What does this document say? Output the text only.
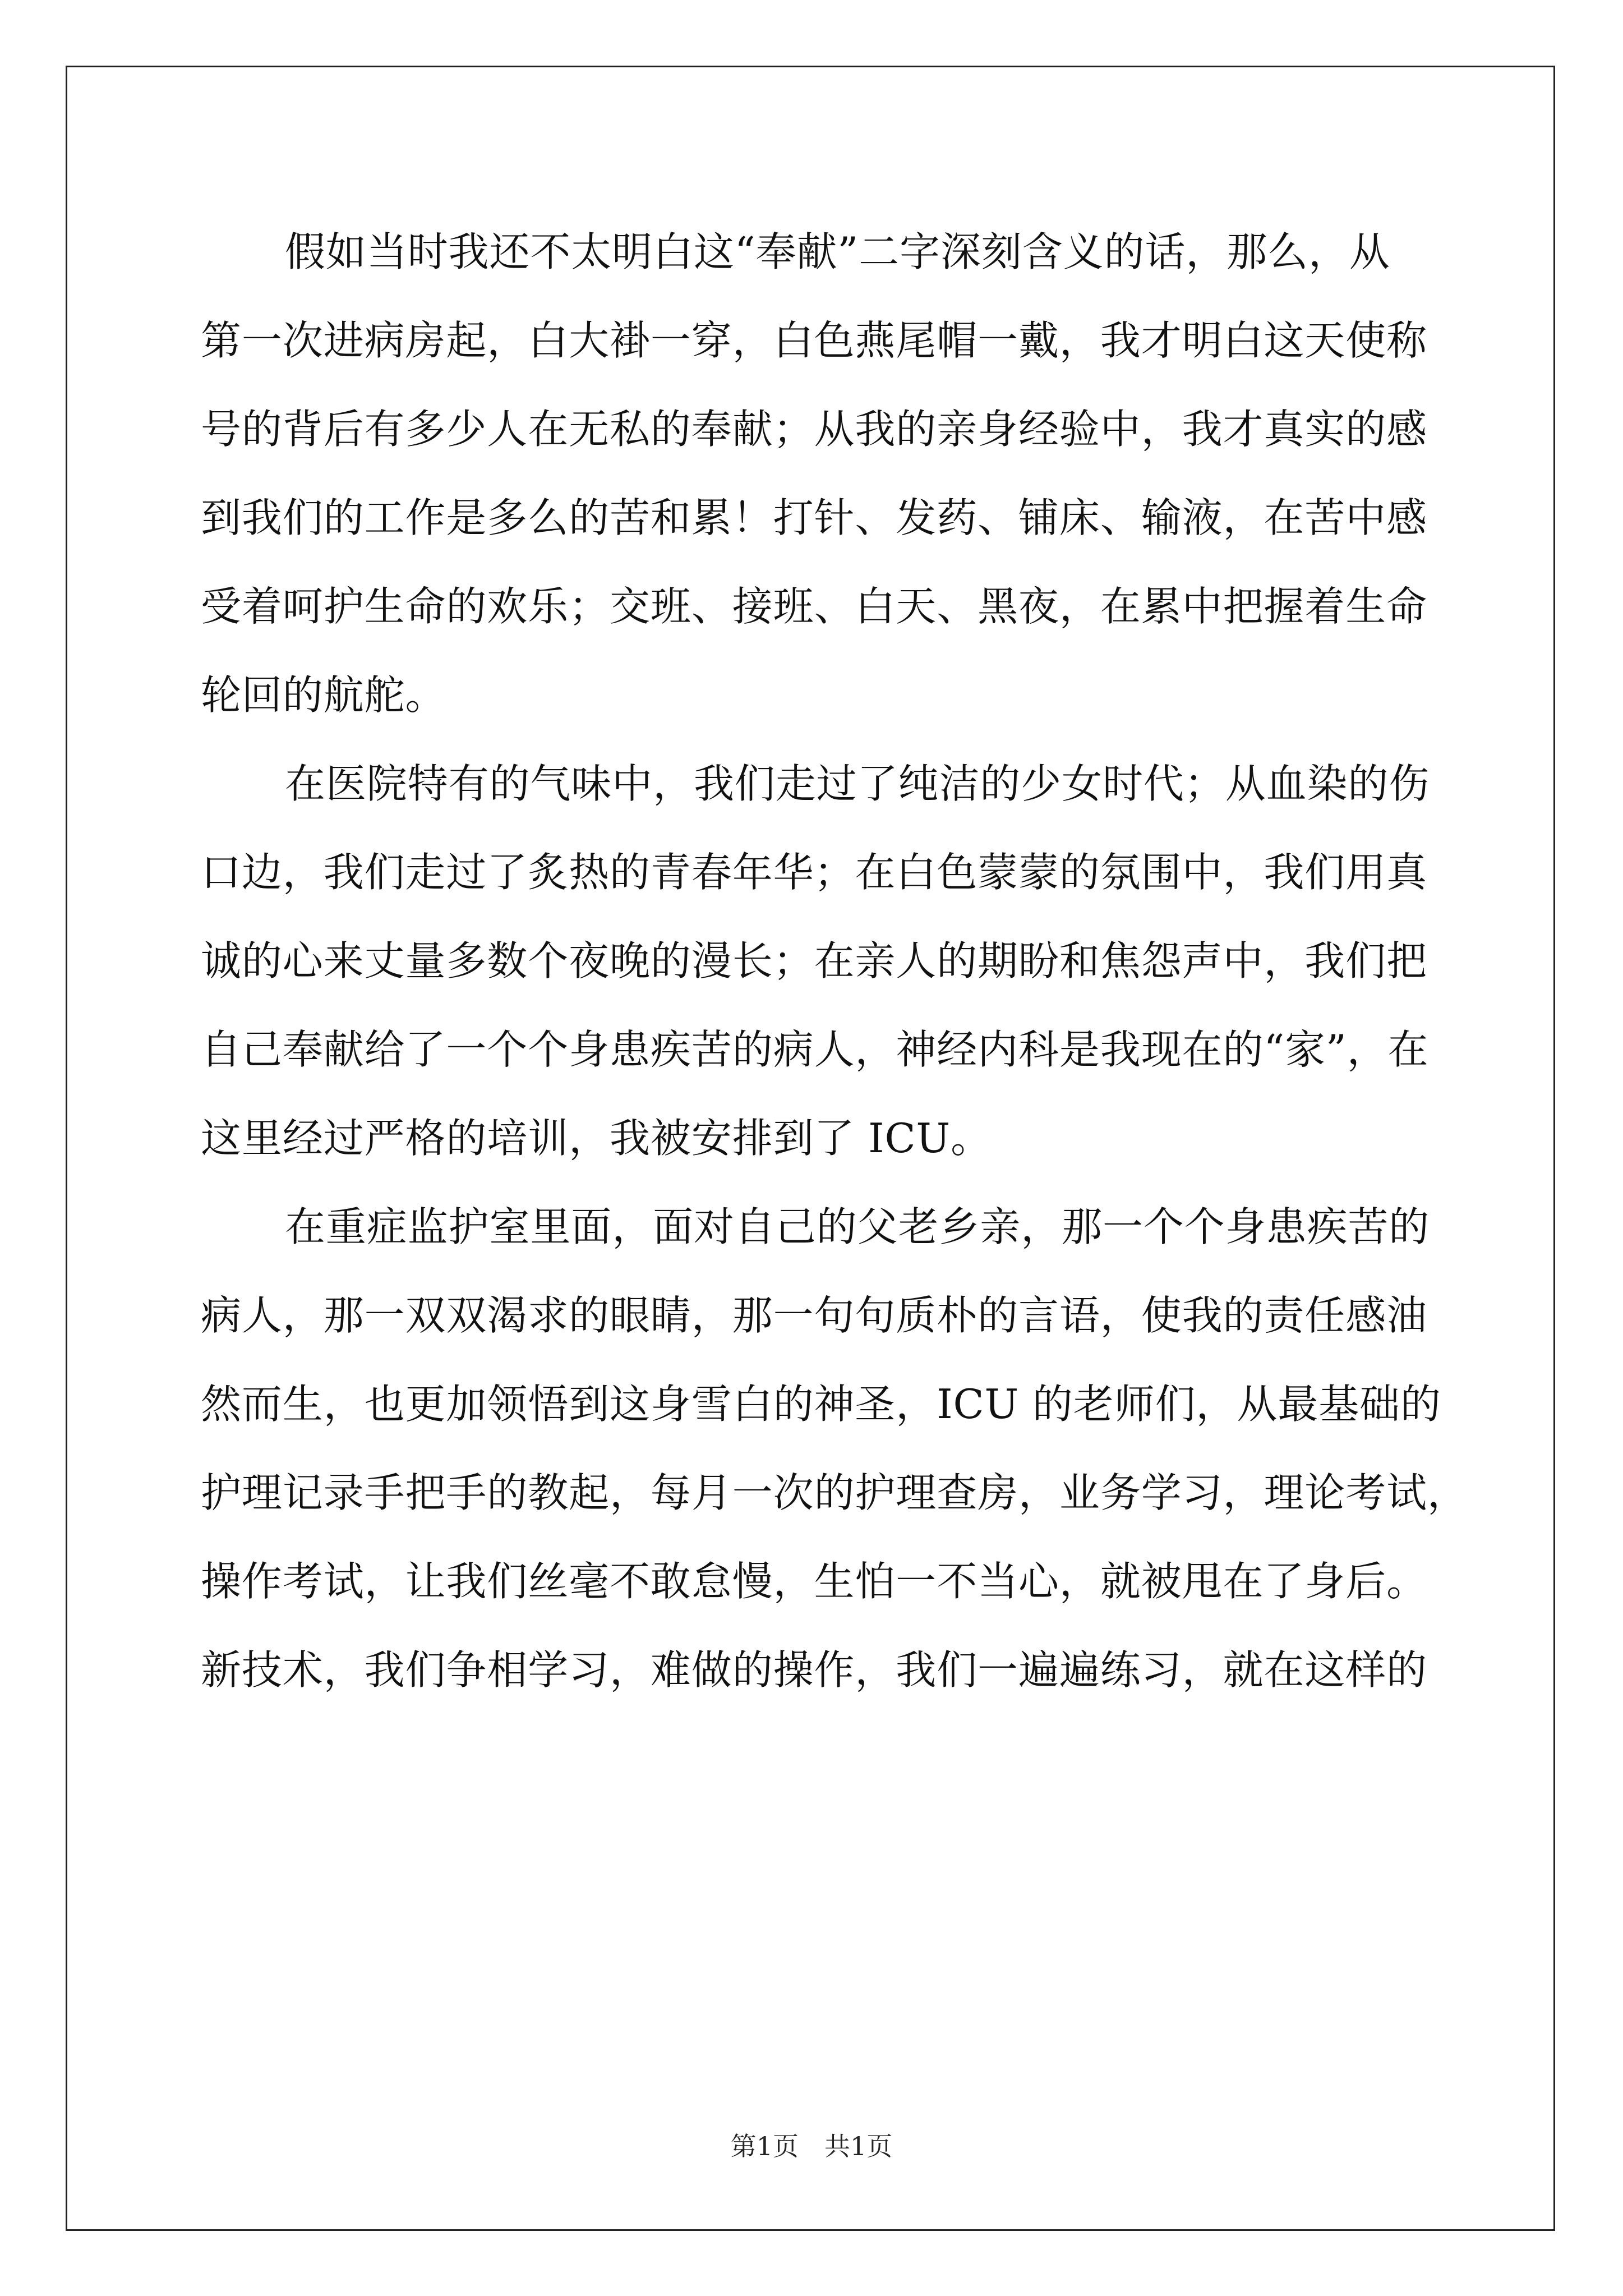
假如当时我还不太明白这“奉献”二字深刻含义的话，那么，从
第一次进病房起，白大褂一穿，白色燕尾帽一戴，我才明白这天使称
号的背后有多少人在无私的奉献；从我的亲身经验中，我才真实的感
到我们的工作是多么的苦和累！打针、发药、铺床、输液，在苦中感
受着呵护生命的欢乐；交班、接班、白天、黑夜，在累中把握着生命
轮回的航舵。
在医院特有的气味中，我们走过了纯洁的少女时代；从血染的伤
口边，我们走过了炙热的青春年华；在白色蒙蒙的氛围中，我们用真
诚的心来丈量多数个夜晚的漫长；在亲人的期盼和焦怨声中，我们把
自己奉献给了一个个身患疾苦的病人，神经内科是我现在的“家”，在
这里经过严格的培训，我被安排到了 ICU。
在重症监护室里面，面对自己的父老乡亲，那一个个身患疾苦的
病人，那一双双渴求的眼睛，那一句句质朴的言语，使我的责任感油
然而生，也更加领悟到这身雪白的神圣，ICU 的老师们，从最基础的
护理记录手把手的教起，每月一次的护理查房，业务学习，理论考试，
操作考试，让我们丝毫不敢怠慢，生怕一不当心，就被甩在了身后。
新技术，我们争相学习，难做的操作，我们一遍遍练习，就在这样的
第1页　共1页
